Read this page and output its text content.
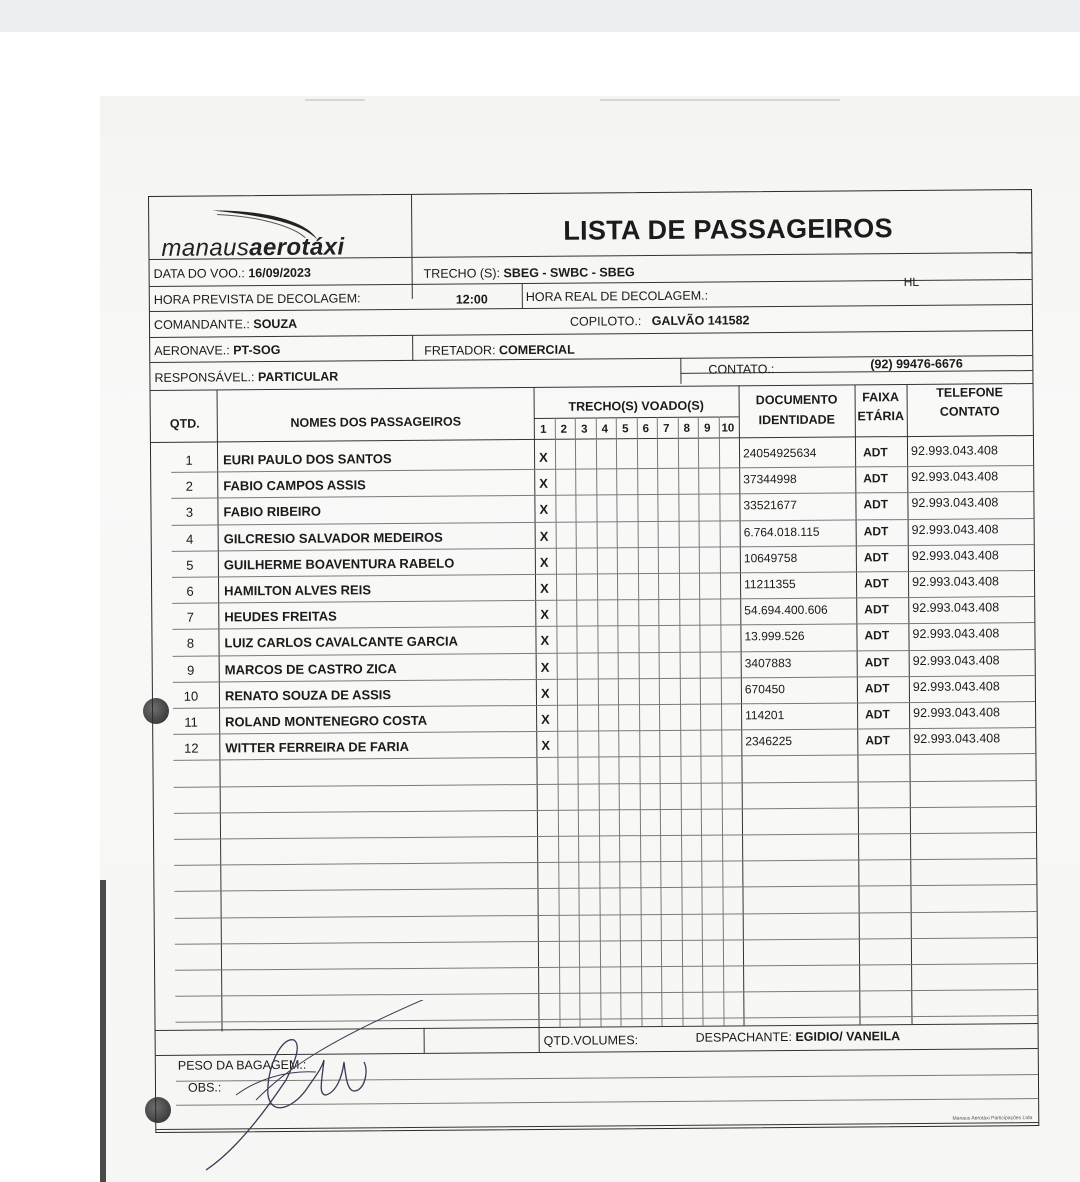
manausaerotáxi
LISTA DE PASSAGEIROS
DATA DO VOO.: 16/09/2023	TRECHO (S): SBEG - SWBC - SBEG
HORA PREVISTA DE DECOLAGEM:	12:00	HORA REAL DE DECOLAGEM.:
HL
COMANDANTE.: SOUZA	COPILOTO.: GALVÃO 141582
AERONAVE.: PT-SOG	FRETADOR: COMERCIAL
RESPONSÁVEL.: PARTICULAR
CONTATO.:	(92) 99476-6676
QTD.	NOMES DOS PASSAGEIROS
TRECHO(S) VOADO(S)	DOCUMENTO
IDENTIDADE
FAIXA
ETÁRIA
TELEFONE
CONTATO
1	2	3	4	5	6	7	8	9 10
1	EURI PAULO DOS SANTOS	X	24054925634	ADT 92.993.043.408
2	FABIO CAMPOS ASSIS	X	37344998	ADT 92.993.043.408
3	FABIO RIBEIRO	X	33521677	ADT 92.993.043.408
4	GILCRESIO SALVADOR MEDEIROS	X	6.764.018.115	ADT 92.993.043.408
5	GUILHERME BOAVENTURA RABELO	X	10649758	ADT 92.993.043.408
6	HAMILTON ALVES REIS	X	11211355	ADT 92.993.043.408
7	HEUDES FREITAS	X	54.694.400.606	ADT 92.993.043.408
8	LUIZ CARLOS CAVALCANTE GARCIA	X	13.999.526	ADT 92.993.043.408
9	MARCOS DE CASTRO ZICA	X	3407883	ADT 92.993.043.408
10	RENATO SOUZA DE ASSIS	X	670450	ADT 92.993.043.408
11	ROLAND MONTENEGRO COSTA	X	114201	ADT 92.993.043.408
12	WITTER FERREIRA DE FARIA	X	2346225	ADT 92.993.043.408
PESO DA BAGAGEM.:
QTD.VOLUMES:	DESPACHANTE: EGIDIO/ VANEILA
OBS.:
Manaus Aerotáxi Participações Ltda
